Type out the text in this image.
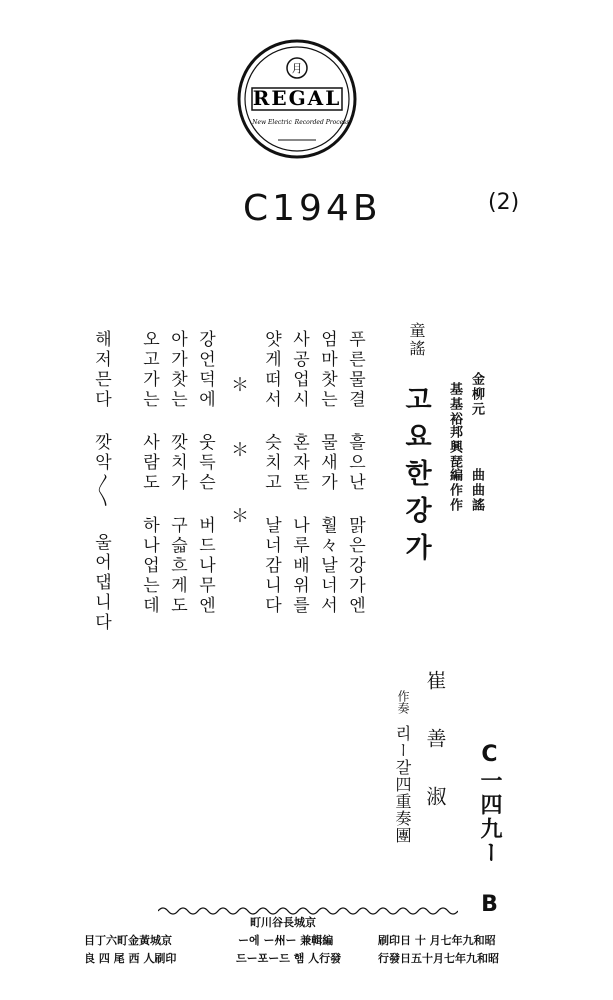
月
REGAL
New Electric Recorded Process
C194B	(2)
童謠
고요한강가	金柳元
基基裕
邦興琵
編作作 曲曲謠
푸른물결 흘으난 맑은강가엔
엄마찻는 물새가 훨々날너서
사공업시 혼자뜬 나루배위를
얏게떠서 슷치고 날너감니다
＊
＊
＊
강언덕에 웃득슨 버드나무엔
아가찻는 깟치가 구슯흐게도
오고가는 사람도 하나업는데
해저믄다 깟악〳〵 울어댑니다
崔善淑
作奏
리ー갈四重奏團	C一四九ー B
昭和九年七月 十 日印刷
昭和九年七月十五日發行
京城長谷川町
編輯兼 ー州ー 에ー
發行人 햄 드ー포ー드
京城黃金町六丁目
印刷人 西 尾 四 良
